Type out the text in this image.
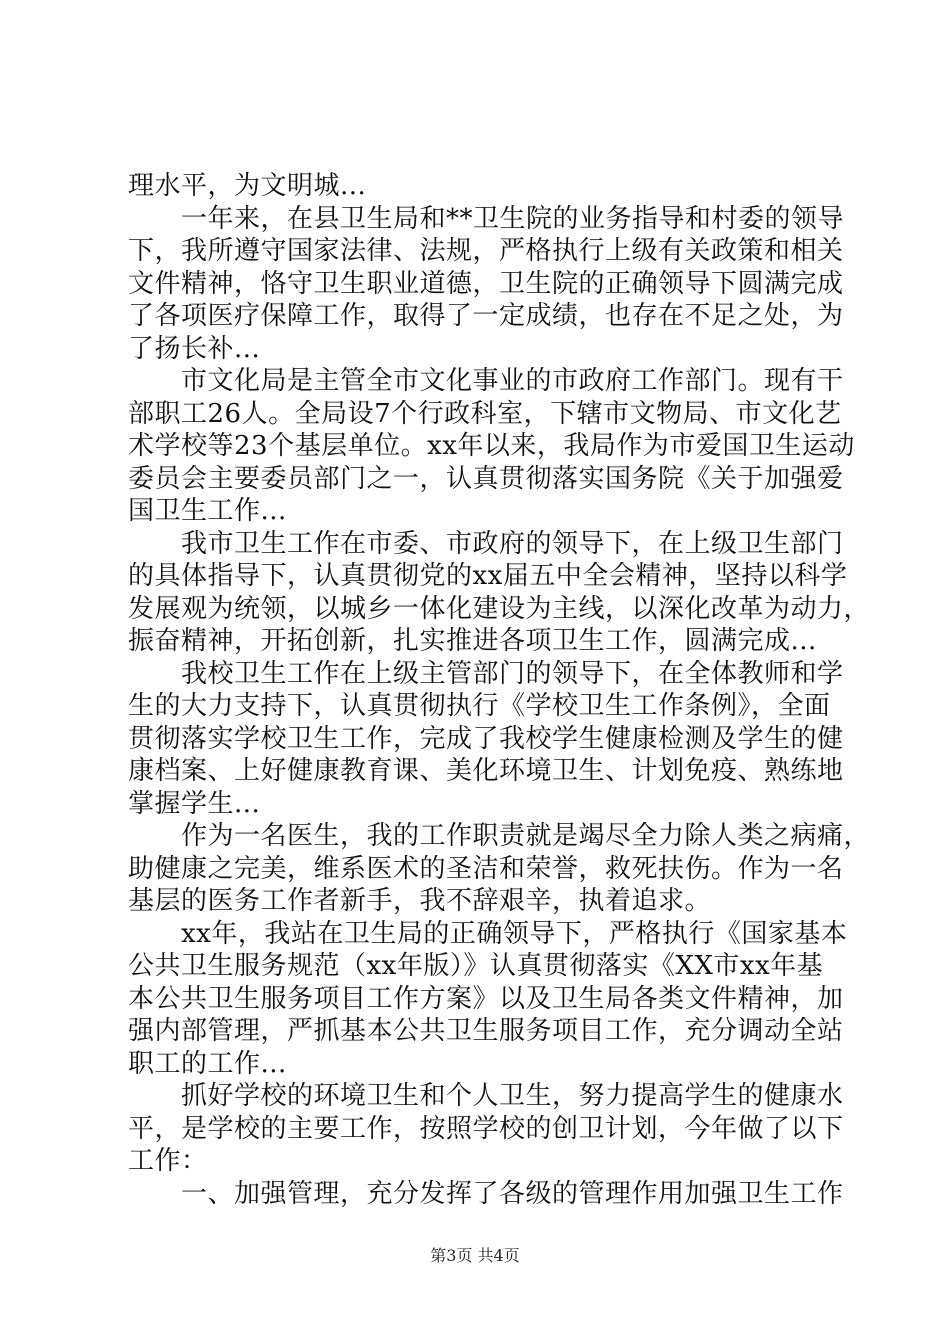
理水平，为文明城...
　　一年来，在县卫生局和**卫生院的业务指导和村委的领导
下，我所遵守国家法律、法规，严格执行上级有关政策和相关
文件精神，恪守卫生职业道德，卫生院的正确领导下圆满完成
了各项医疗保障工作，取得了一定成绩，也存在不足之处，为
了扬长补...
　　市文化局是主管全市文化事业的市政府工作部门。现有干
部职工26人。全局设7个行政科室，下辖市文物局、市文化艺
术学校等23个基层单位。xx年以来，我局作为市爱国卫生运动
委员会主要委员部门之一，认真贯彻落实国务院《关于加强爱
国卫生工作...
　　我市卫生工作在市委、市政府的领导下，在上级卫生部门
的具体指导下，认真贯彻党的xx届五中全会精神，坚持以科学
发展观为统领，以城乡一体化建设为主线，以深化改革为动力，
振奋精神，开拓创新，扎实推进各项卫生工作，圆满完成...
　　我校卫生工作在上级主管部门的领导下，在全体教师和学
生的大力支持下，认真贯彻执行《学校卫生工作条例》，全面
贯彻落实学校卫生工作，完成了我校学生健康检测及学生的健
康档案、上好健康教育课、美化环境卫生、计划免疫、熟练地
掌握学生...
　　作为一名医生，我的工作职责就是竭尽全力除人类之病痛，
助健康之完美，维系医术的圣洁和荣誉，救死扶伤。作为一名
基层的医务工作者新手，我不辞艰辛，执着追求。
　　xx年，我站在卫生局的正确领导下，严格执行《国家基本
公共卫生服务规范（xx年版）》认真贯彻落实《XX市xx年基
本公共卫生服务项目工作方案》以及卫生局各类文件精神，加
强内部管理，严抓基本公共卫生服务项目工作，充分调动全站
职工的工作...
　　抓好学校的环境卫生和个人卫生，努力提高学生的健康水
平，是学校的主要工作，按照学校的创卫计划，今年做了以下
工作：
　　一、加强管理，充分发挥了各级的管理作用加强卫生工作
第3页 共4页
